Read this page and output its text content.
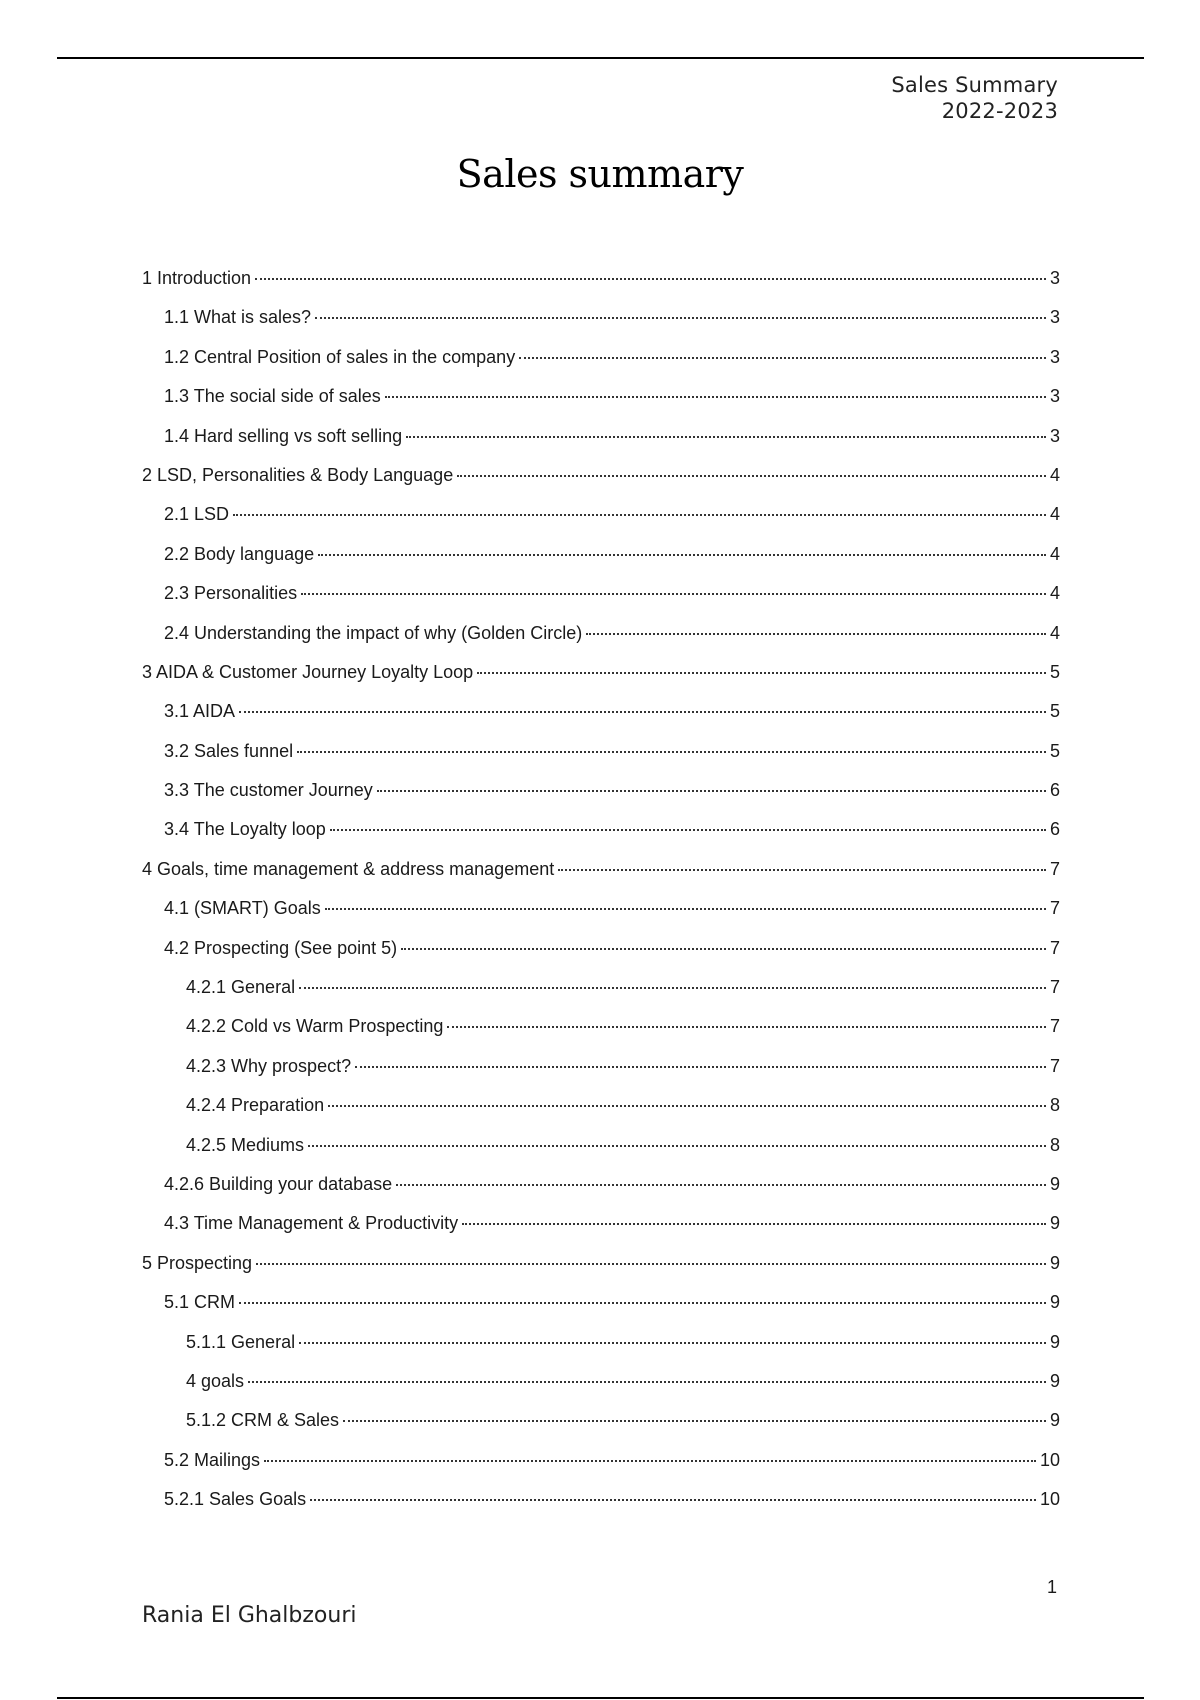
Sales Summary
2022-2023
Sales summary
1 Introduction	3
1.1 What is sales?	3
1.2 Central Position of sales in the company	3
1.3 The social side of sales	3
1.4 Hard selling vs soft selling	3
2 LSD, Personalities & Body Language	4
2.1 LSD	4
2.2 Body language	4
2.3 Personalities	4
2.4 Understanding the impact of why (Golden Circle)	4
3 AIDA & Customer Journey Loyalty Loop	5
3.1 AIDA	5
3.2 Sales funnel	5
3.3 The customer Journey	6
3.4 The Loyalty loop	6
4 Goals, time management & address management	7
4.1 (SMART) Goals	7
4.2 Prospecting (See point 5)	7
4.2.1 General	7
4.2.2 Cold vs Warm Prospecting	7
4.2.3 Why prospect?	7
4.2.4 Preparation	8
4.2.5 Mediums	8
4.2.6 Building your database	9
4.3 Time Management & Productivity	9
5 Prospecting	9
5.1 CRM	9
5.1.1 General	9
4 goals	9
5.1.2 CRM & Sales	9
5.2 Mailings	10
5.2.1 Sales Goals	10
1
Rania El Ghalbzouri
